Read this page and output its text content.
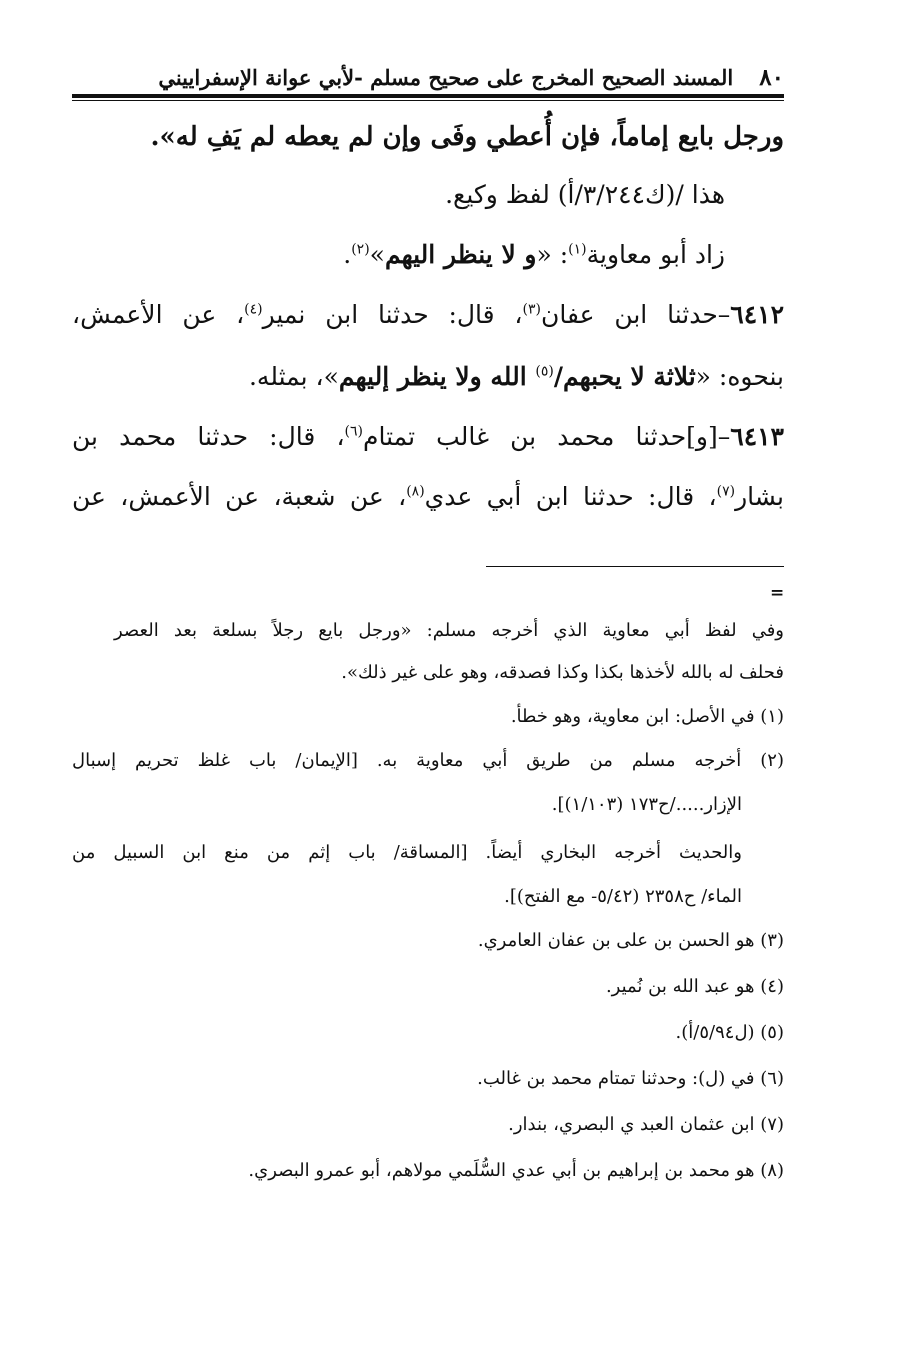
٨٠
المسند الصحيح المخرج على صحيح مسلم -لأبي عوانة الإسفراييني
ورجل بايع إماماً، فإن أُعطي وفَى وإن لم يعطه لم يَفِ له».
هذا /(ك٣/٢٤٤/أ) لفظ وكيع.
زاد أبو معاوية$^{(١)}$: «و لا ينظر اليهم»$^{(٢)}$.
٦٤١٢–حدثنا ابن عفان$^{(٣)}$، قال: حدثنا ابن نمير$^{(٤)}$، عن الأعمش،
بنحوه: «ثلاثة لا يحبهم/$^{(٥)}$ الله ولا ينظر إليهم»، بمثله.
٦٤١٣–[و]حدثنا محمد بن غالب تمتام$^{(٦)}$، قال: حدثنا محمد بن
بشار$^{(٧)}$، قال: حدثنا ابن أبي عدي$^{(٨)}$، عن شعبة، عن الأعمش، عن
=
وفي لفظ أبي معاوية الذي أخرجه مسلم: «ورجل بايع رجلاً بسلعة بعد العصر
فحلف له بالله لأخذها بكذا وكذا فصدقه، وهو على غير ذلك».
(١) في الأصل: ابن معاوية، وهو خطأ.
(٢) أخرجه مسلم من طريق أبي معاوية به. [الإيمان/ باب غلظ تحريم إسبال
الإزار...../ح١٧٣ (١/١٠٣)].
والحديث أخرجه البخاري أيضاً. [المساقة/ باب إثم من منع ابن السبيل من
الماء/ ح٢٣٥٨ (٥/٤٢- مع الفتح)].
(٣) هو الحسن بن على بن عفان العامري.
(٤) هو عبد الله بن نُمير.
(٥) (ل٥/٩٤/أ).
(٦) في (ل): وحدثنا تمتام محمد بن غالب.
(٧) ابن عثمان العبد ي البصري، بندار.
(٨) هو محمد بن إبراهيم بن أبي عدي السُّلَمي مولاهم، أبو عمرو البصري.
